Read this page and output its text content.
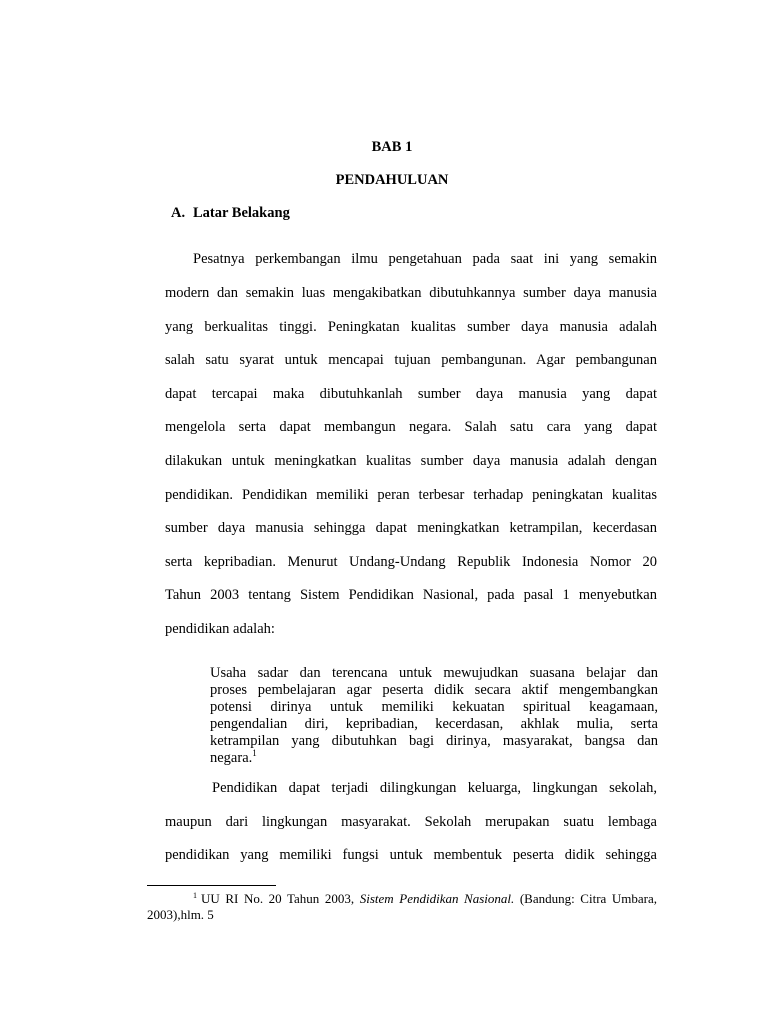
BAB 1
PENDAHULUAN
A. Latar Belakang
Pesatnya perkembangan ilmu pengetahuan pada saat ini yang semakin
modern dan semakin luas mengakibatkan dibutuhkannya sumber daya manusia
yang berkualitas tinggi. Peningkatan kualitas sumber daya manusia adalah
salah satu syarat untuk mencapai tujuan pembangunan. Agar pembangunan
dapat tercapai maka dibutuhkanlah sumber daya manusia yang dapat
mengelola serta dapat membangun negara. Salah satu cara yang dapat
dilakukan untuk meningkatkan kualitas sumber daya manusia adalah dengan
pendidikan. Pendidikan memiliki peran terbesar terhadap peningkatan kualitas
sumber daya manusia sehingga dapat meningkatkan ketrampilan, kecerdasan
serta kepribadian. Menurut Undang-Undang Republik Indonesia Nomor 20
Tahun 2003 tentang Sistem Pendidikan Nasional, pada pasal 1 menyebutkan
pendidikan adalah:
Usaha sadar dan terencana untuk mewujudkan suasana belajar dan
proses pembelajaran agar peserta didik secara aktif mengembangkan
potensi dirinya untuk memiliki kekuatan spiritual keagamaan,
pengendalian diri, kepribadian, kecerdasan, akhlak mulia, serta
ketrampilan yang dibutuhkan bagi dirinya, masyarakat, bangsa dan
negara.$^1$
Pendidikan dapat terjadi dilingkungan keluarga, lingkungan sekolah,
maupun dari lingkungan masyarakat. Sekolah merupakan suatu lembaga
pendidikan yang memiliki fungsi untuk membentuk peserta didik sehingga
$^1$ UU RI No. 20 Tahun 2003, Sistem Pendidikan Nasional. (Bandung: Citra Umbara,
2003),hlm. 5
